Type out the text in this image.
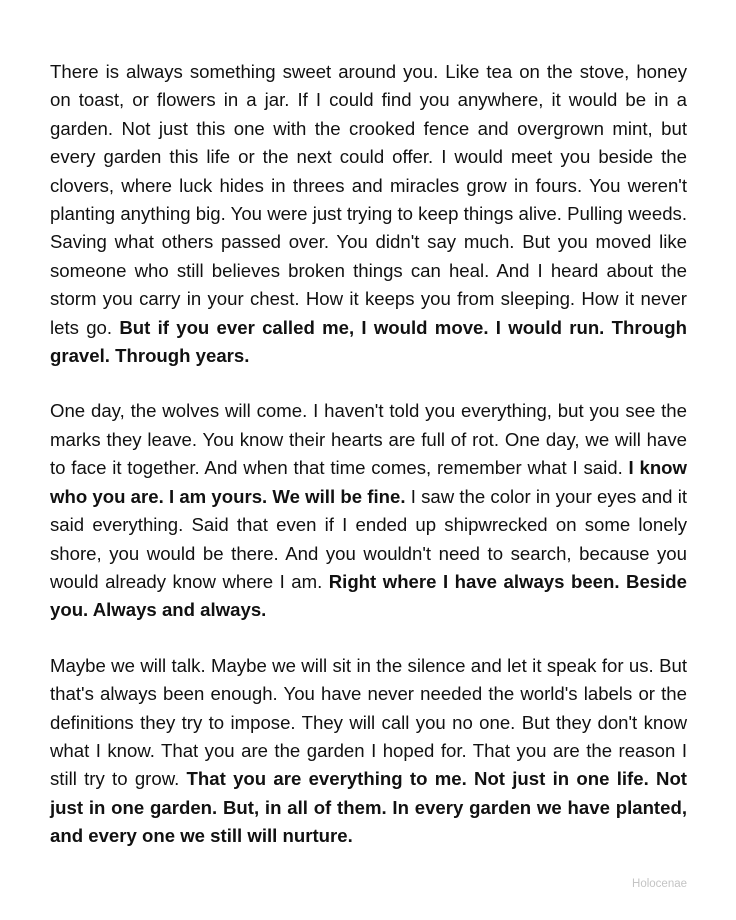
There is always something sweet around you. Like tea on the stove, honey on toast, or flowers in a jar. If I could find you anywhere, it would be in a garden. Not just this one with the crooked fence and overgrown mint, but every garden this life or the next could offer. I would meet you beside the clovers, where luck hides in threes and miracles grow in fours. You weren't planting anything big. You were just trying to keep things alive. Pulling weeds. Saving what others passed over. You didn't say much. But you moved like someone who still believes broken things can heal. And I heard about the storm you carry in your chest. How it keeps you from sleeping. How it never lets go. But if you ever called me, I would move. I would run. Through gravel. Through years.

One day, the wolves will come. I haven't told you everything, but you see the marks they leave. You know their hearts are full of rot. One day, we will have to face it together. And when that time comes, remember what I said. I know who you are. I am yours. We will be fine. I saw the color in your eyes and it said everything. Said that even if I ended up shipwrecked on some lonely shore, you would be there. And you wouldn't need to search, because you would already know where I am. Right where I have always been. Beside you. Always and always.

Maybe we will talk. Maybe we will sit in the silence and let it speak for us. But that's always been enough. You have never needed the world's labels or the definitions they try to impose. They will call you no one. But they don't know what I know. That you are the garden I hoped for. That you are the reason I still try to grow. That you are everything to me. Not just in one life. Not just in one garden. But, in all of them. In every garden we have planted, and every one we still will nurture.

Holocenae
